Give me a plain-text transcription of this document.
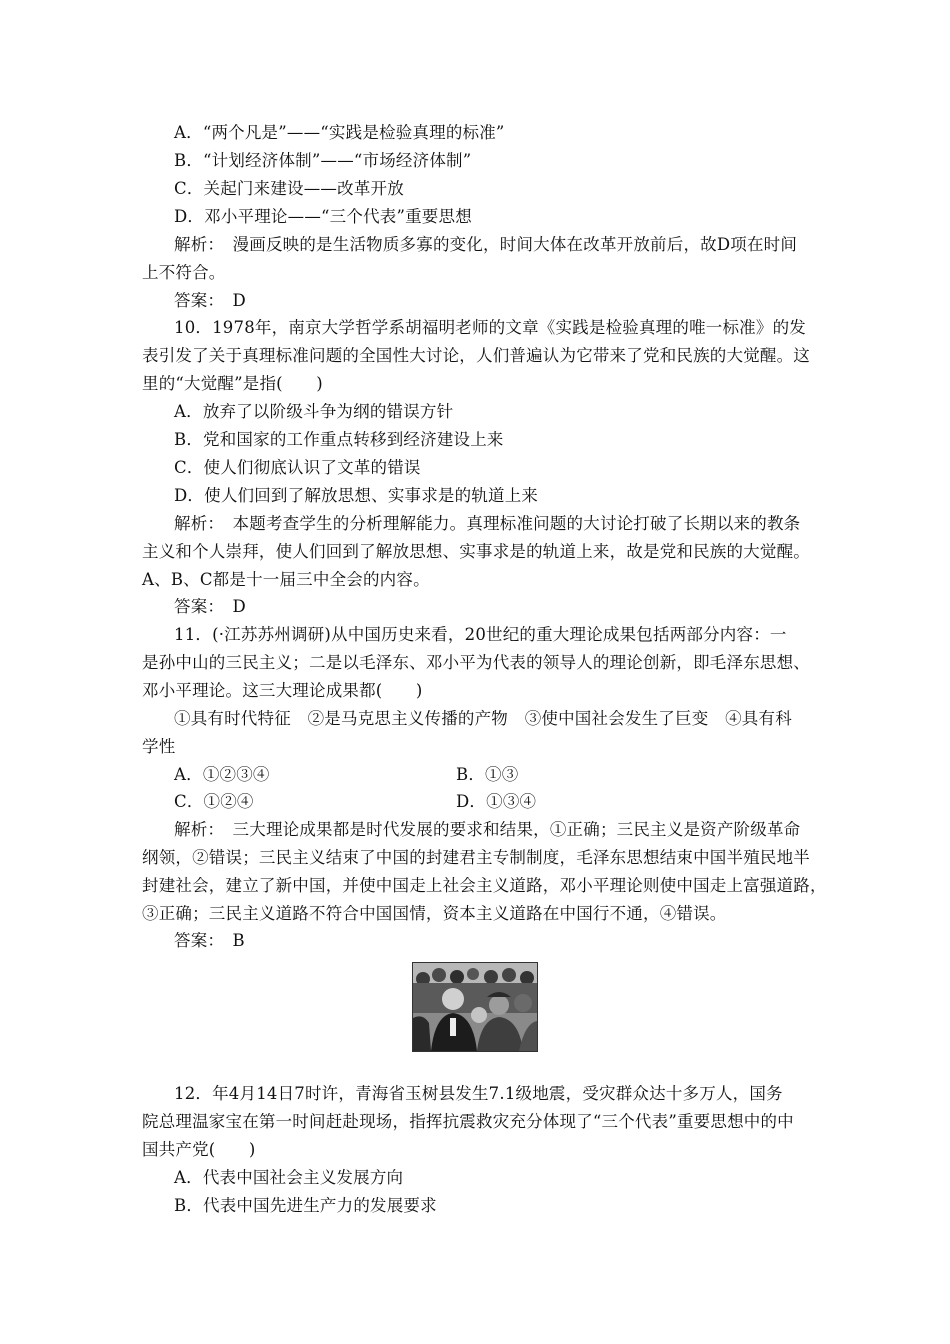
A．“两个凡是”——“实践是检验真理的标准”
B．“计划经济体制”——“市场经济体制”
C．关起门来建设——改革开放
D．邓小平理论——“三个代表”重要思想
解析：　漫画反映的是生活物质多寡的变化，时间大体在改革开放前后，故D项在时间
上不符合。
答案：　D
10．1978年，南京大学哲学系胡福明老师的文章《实践是检验真理的唯一标准》的发
表引发了关于真理标准问题的全国性大讨论，人们普遍认为它带来了党和民族的大觉醒。这
里的“大觉醒”是指(　　)
A．放弃了以阶级斗争为纲的错误方针
B．党和国家的工作重点转移到经济建设上来
C．使人们彻底认识了文革的错误
D．使人们回到了解放思想、实事求是的轨道上来
解析：　本题考查学生的分析理解能力。真理标准问题的大讨论打破了长期以来的教条
主义和个人崇拜，使人们回到了解放思想、实事求是的轨道上来，故是党和民族的大觉醒。
A、B、C都是十一届三中全会的内容。
答案：　D
11．(·江苏苏州调研)从中国历史来看，20世纪的重大理论成果包括两部分内容：一
是孙中山的三民主义；二是以毛泽东、邓小平为代表的领导人的理论创新，即毛泽东思想、
邓小平理论。这三大理论成果都(　　)
①具有时代特征　②是马克思主义传播的产物　③使中国社会发生了巨变　④具有科
学性
A．①②③④	B．①③
C．①②④	D．①③④
解析：　三大理论成果都是时代发展的要求和结果，①正确；三民主义是资产阶级革命
纲领，②错误；三民主义结束了中国的封建君主专制制度，毛泽东思想结束中国半殖民地半
封建社会，建立了新中国，并使中国走上社会主义道路，邓小平理论则使中国走上富强道路，
③正确；三民主义道路不符合中国国情，资本主义道路在中国行不通，④错误。
答案：　B
12．年4月14日7时许，青海省玉树县发生7.1级地震，受灾群众达十多万人，国务
院总理温家宝在第一时间赶赴现场，指挥抗震救灾充分体现了“三个代表”重要思想中的中
国共产党(　　)
A．代表中国社会主义发展方向
B．代表中国先进生产力的发展要求
